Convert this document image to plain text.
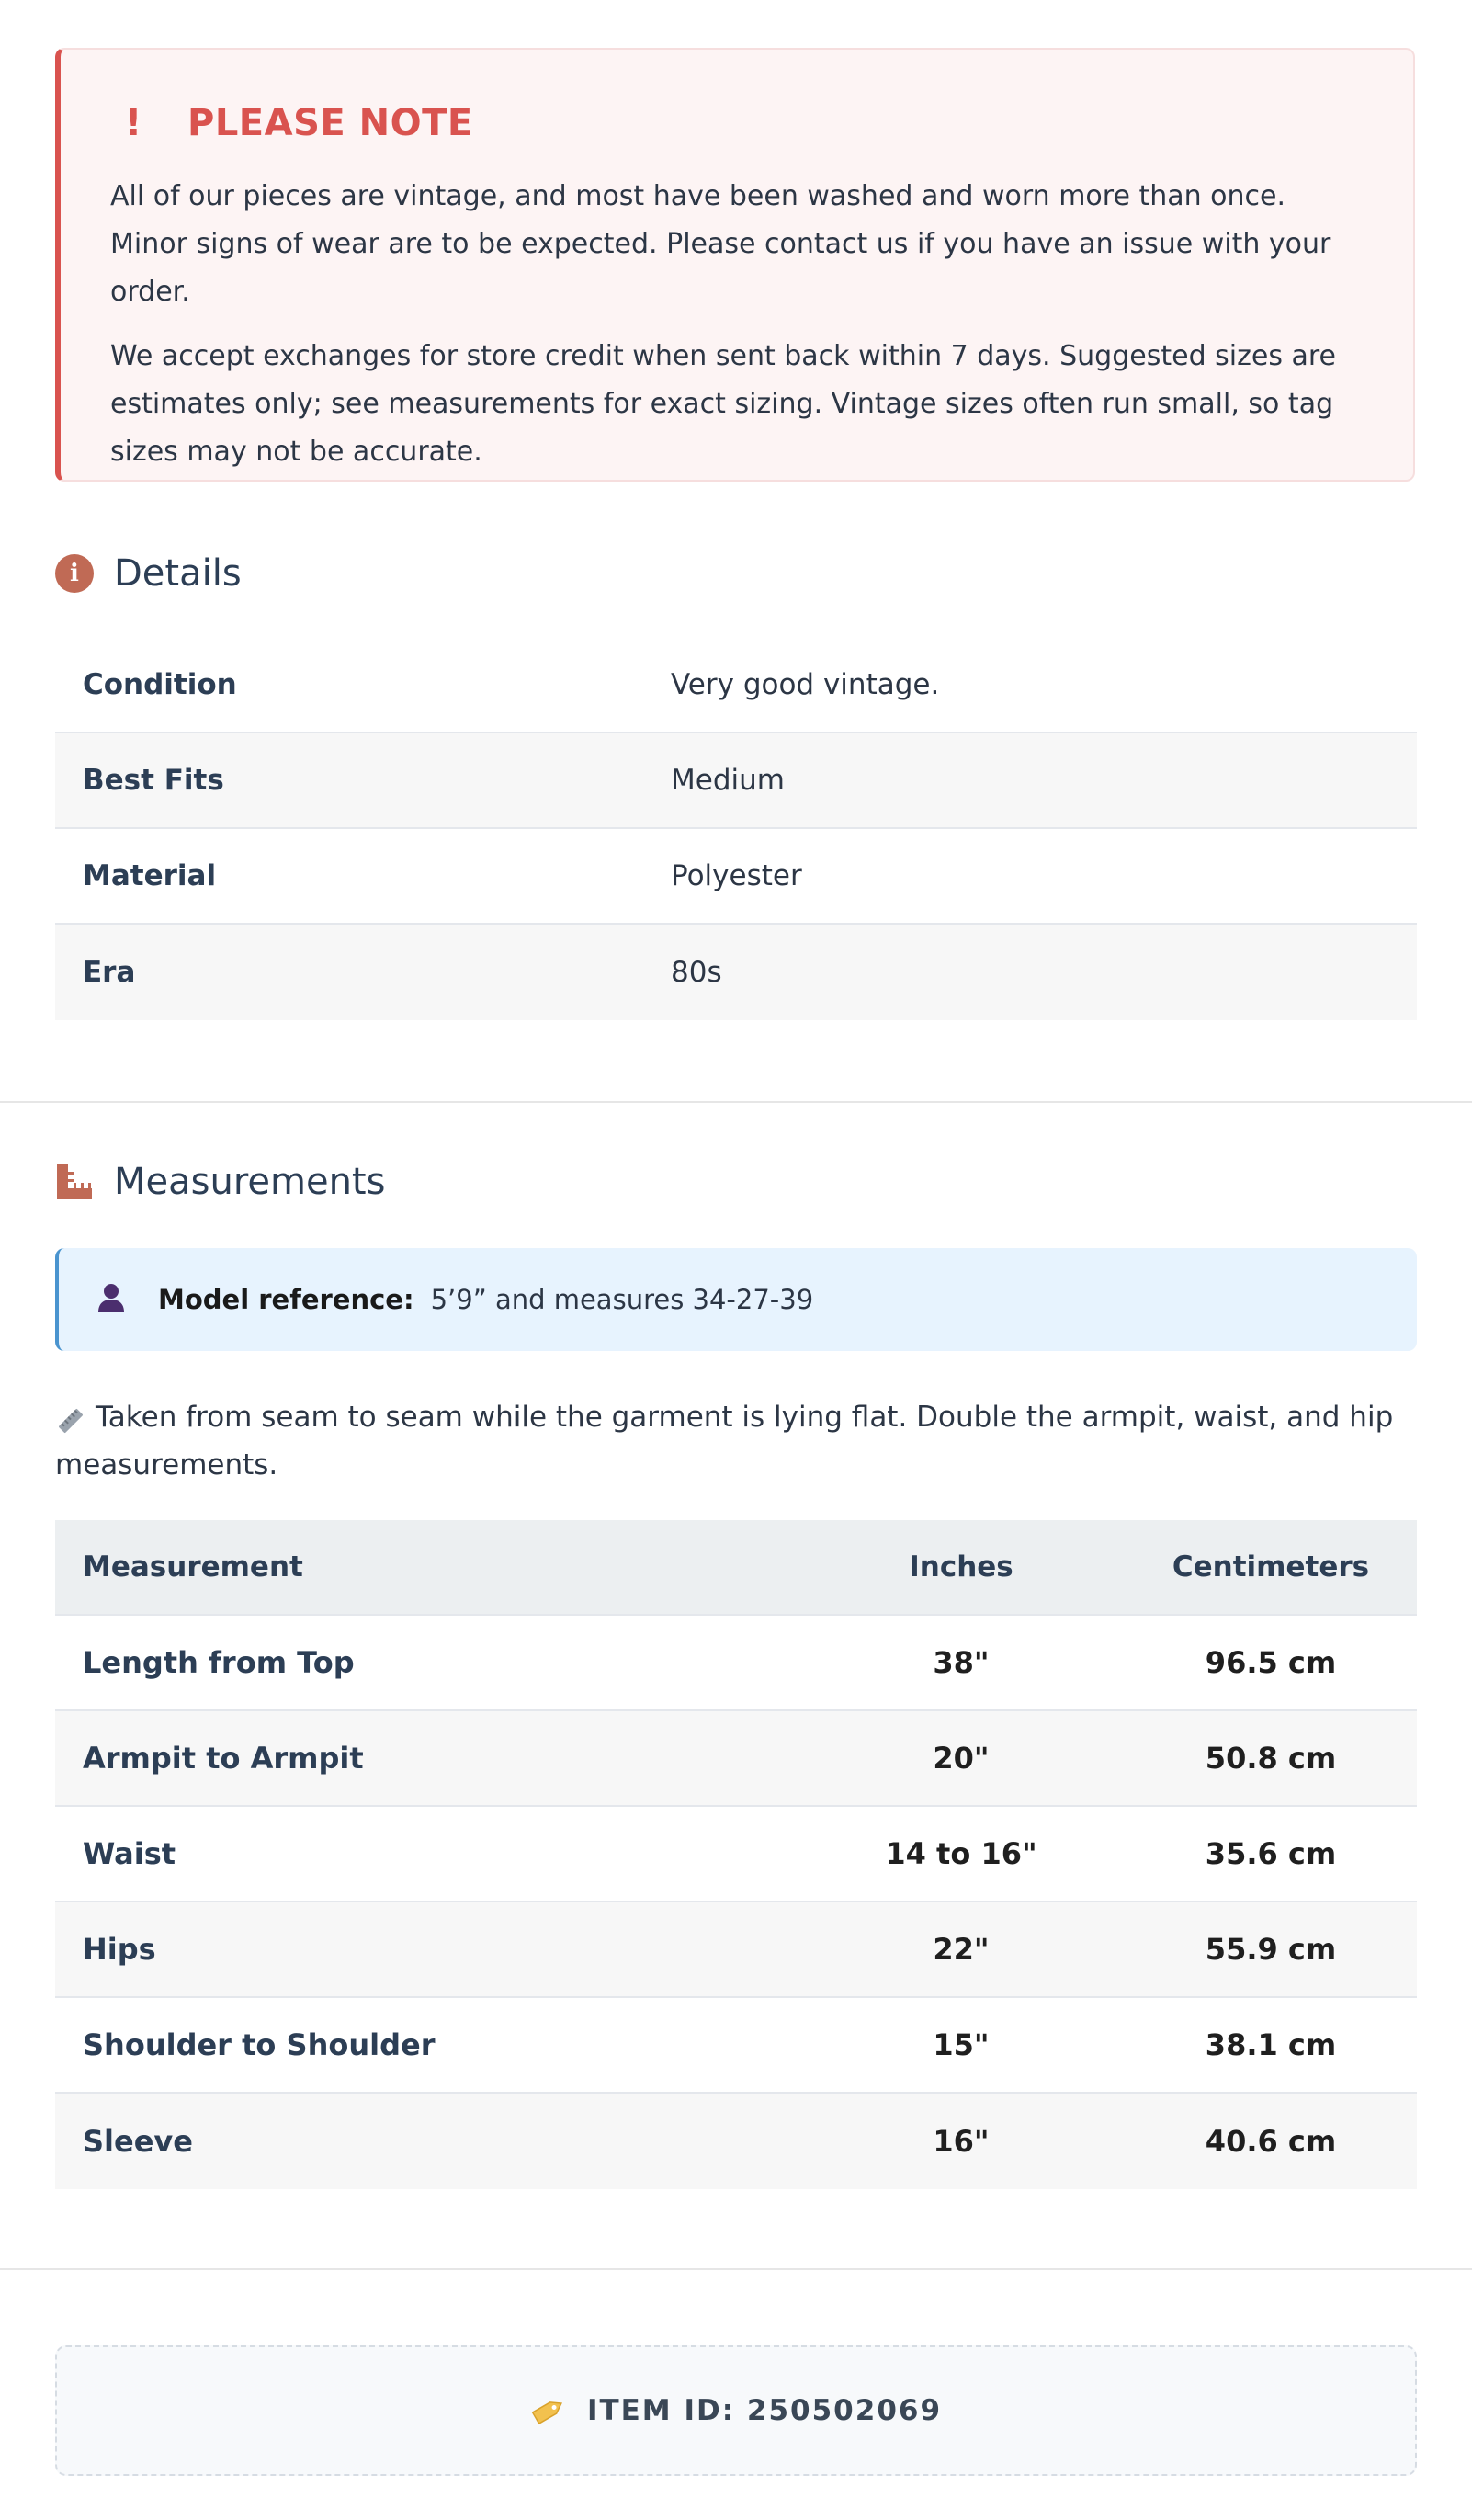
! PLEASE NOTE

All of our pieces are vintage, and most have been washed and worn more than once. Minor signs of wear are to be expected. Please contact us if you have an issue with your order.

We accept exchanges for store credit when sent back within 7 days. Suggested sizes are estimates only; see measurements for exact sizing. Vintage sizes often run small, so tag sizes may not be accurate.

i Details
Condition	Very good vintage.
Best Fits	Medium
Material	Polyester
Era	80s
Measurements
Model reference: 5’9” and measures 34-27-39
Taken from seam to seam while the garment is lying flat. Double the armpit, waist, and hip measurements.
Measurement	Inches	Centimeters
Length from Top	38"	96.5 cm
Armpit to Armpit	20"	50.8 cm
Waist	14 to 16"	35.6 cm
Hips	22"	55.9 cm
Shoulder to Shoulder	15"	38.1 cm
Sleeve	16"	40.6 cm
ITEM ID: 250502069
